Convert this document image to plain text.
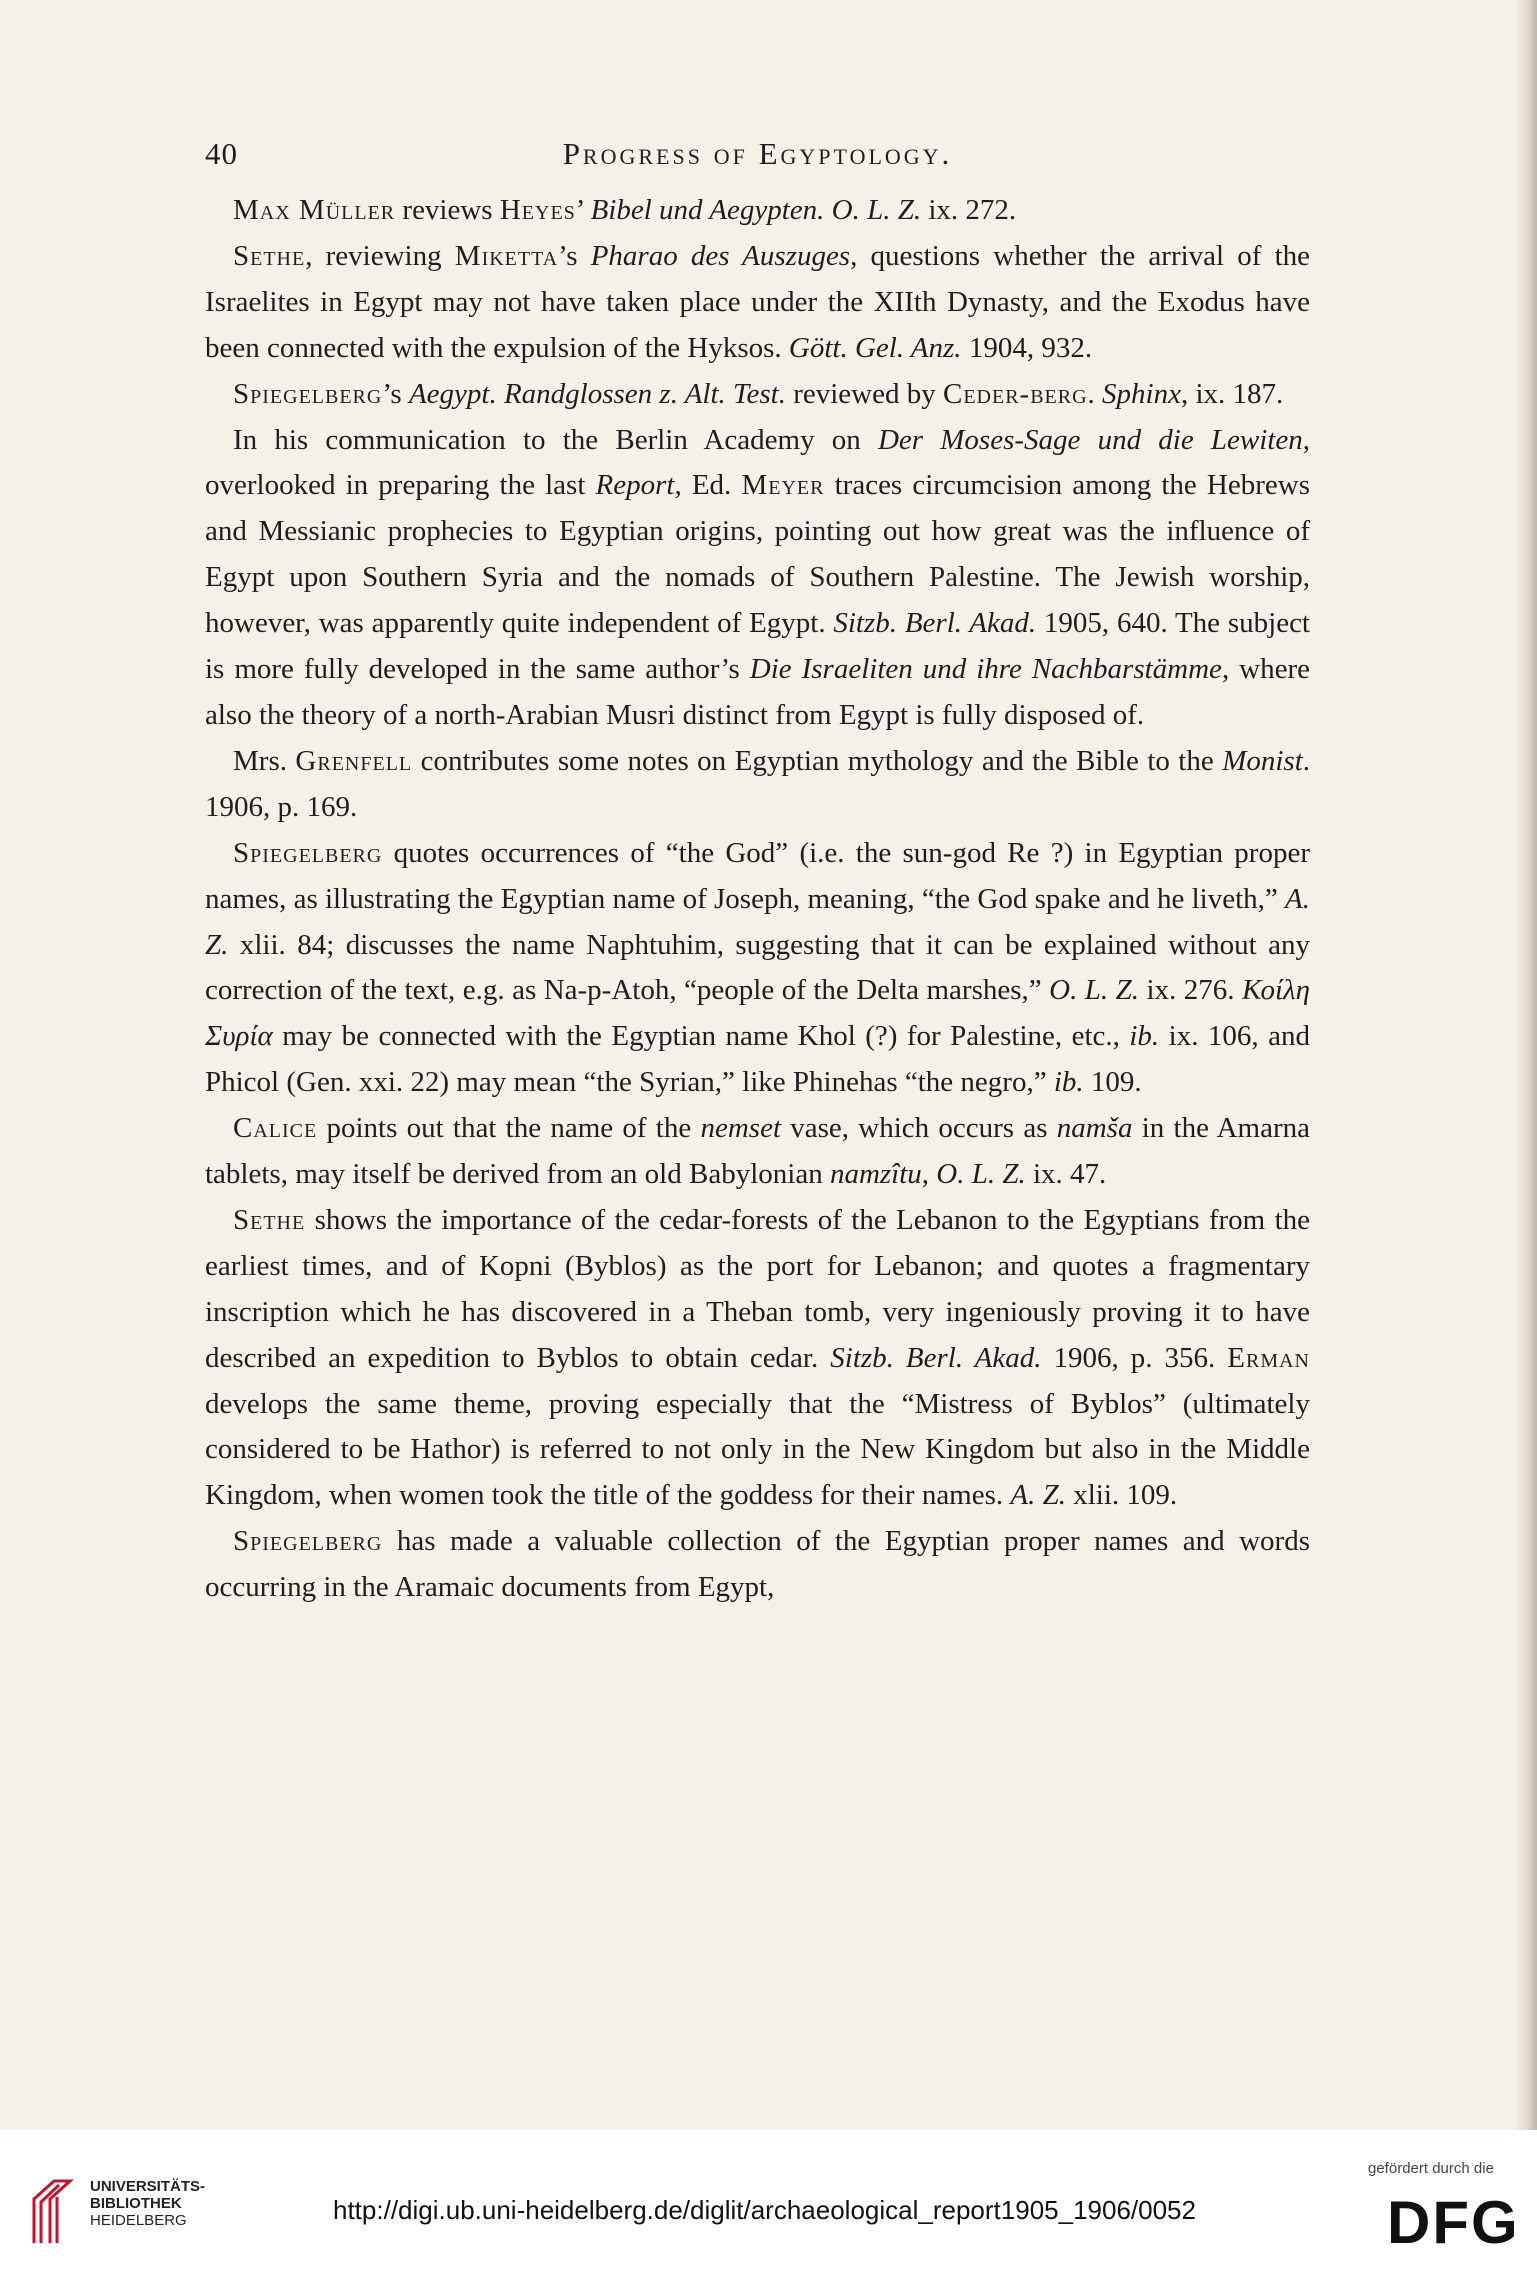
40	Progress of Egyptology.

Max Müller reviews Heyes’ Bibel und Aegypten. O. L. Z. ix. 272.

Sethe, reviewing Miketta’s Pharao des Auszuges, questions whether the arrival of the Israelites in Egypt may not have taken place under the XIIth Dynasty, and the Exodus have been connected with the expulsion of the Hyksos. Gött. Gel. Anz. 1904, 932.

Spiegelberg’s Aegypt. Randglossen z. Alt. Test. reviewed by Ceder-berg. Sphinx, ix. 187.

In his communication to the Berlin Academy on Der Moses-Sage und die Lewiten, overlooked in preparing the last Report, Ed. Meyer traces circumcision among the Hebrews and Messianic prophecies to Egyptian origins, pointing out how great was the influence of Egypt upon Southern Syria and the nomads of Southern Palestine. The Jewish worship, however, was apparently quite independent of Egypt. Sitzb. Berl. Akad. 1905, 640. The subject is more fully developed in the same author’s Die Israeliten und ihre Nachbarstämme, where also the theory of a north-Arabian Musri distinct from Egypt is fully disposed of.

Mrs. Grenfell contributes some notes on Egyptian mythology and the Bible to the Monist. 1906, p. 169.

Spiegelberg quotes occurrences of “the God” (i.e. the sun-god Re ?) in Egyptian proper names, as illustrating the Egyptian name of Joseph, meaning, “the God spake and he liveth,” A. Z. xlii. 84; discusses the name Naphtuhim, suggesting that it can be explained without any correction of the text, e.g. as Na-p-Atoh, “people of the Delta marshes,” O. L. Z. ix. 276. Κοίλη Συρία may be connected with the Egyptian name Khol (?) for Palestine, etc., ib. ix. 106, and Phicol (Gen. xxi. 22) may mean “the Syrian,” like Phinehas “the negro,” ib. 109.

Calice points out that the name of the nemset vase, which occurs as namša in the Amarna tablets, may itself be derived from an old Babylonian namzîtu, O. L. Z. ix. 47.

Sethe shows the importance of the cedar-forests of the Lebanon to the Egyptians from the earliest times, and of Kopni (Byblos) as the port for Lebanon; and quotes a fragmentary inscription which he has discovered in a Theban tomb, very ingeniously proving it to have described an expedition to Byblos to obtain cedar. Sitzb. Berl. Akad. 1906, p. 356. Erman develops the same theme, proving especially that the “Mistress of Byblos” (ultimately considered to be Hathor) is referred to not only in the New Kingdom but also in the Middle Kingdom, when women took the title of the goddess for their names. A. Z. xlii. 109.

Spiegelberg has made a valuable collection of the Egyptian proper names and words occurring in the Aramaic documents from Egypt,

UNIVERSITÄTS-
BIBLIOTHEK
HEIDELBERG	http://digi.ub.uni-heidelberg.de/diglit/archaeological_report1905_1906/0052
gefördert durch die
DFG
